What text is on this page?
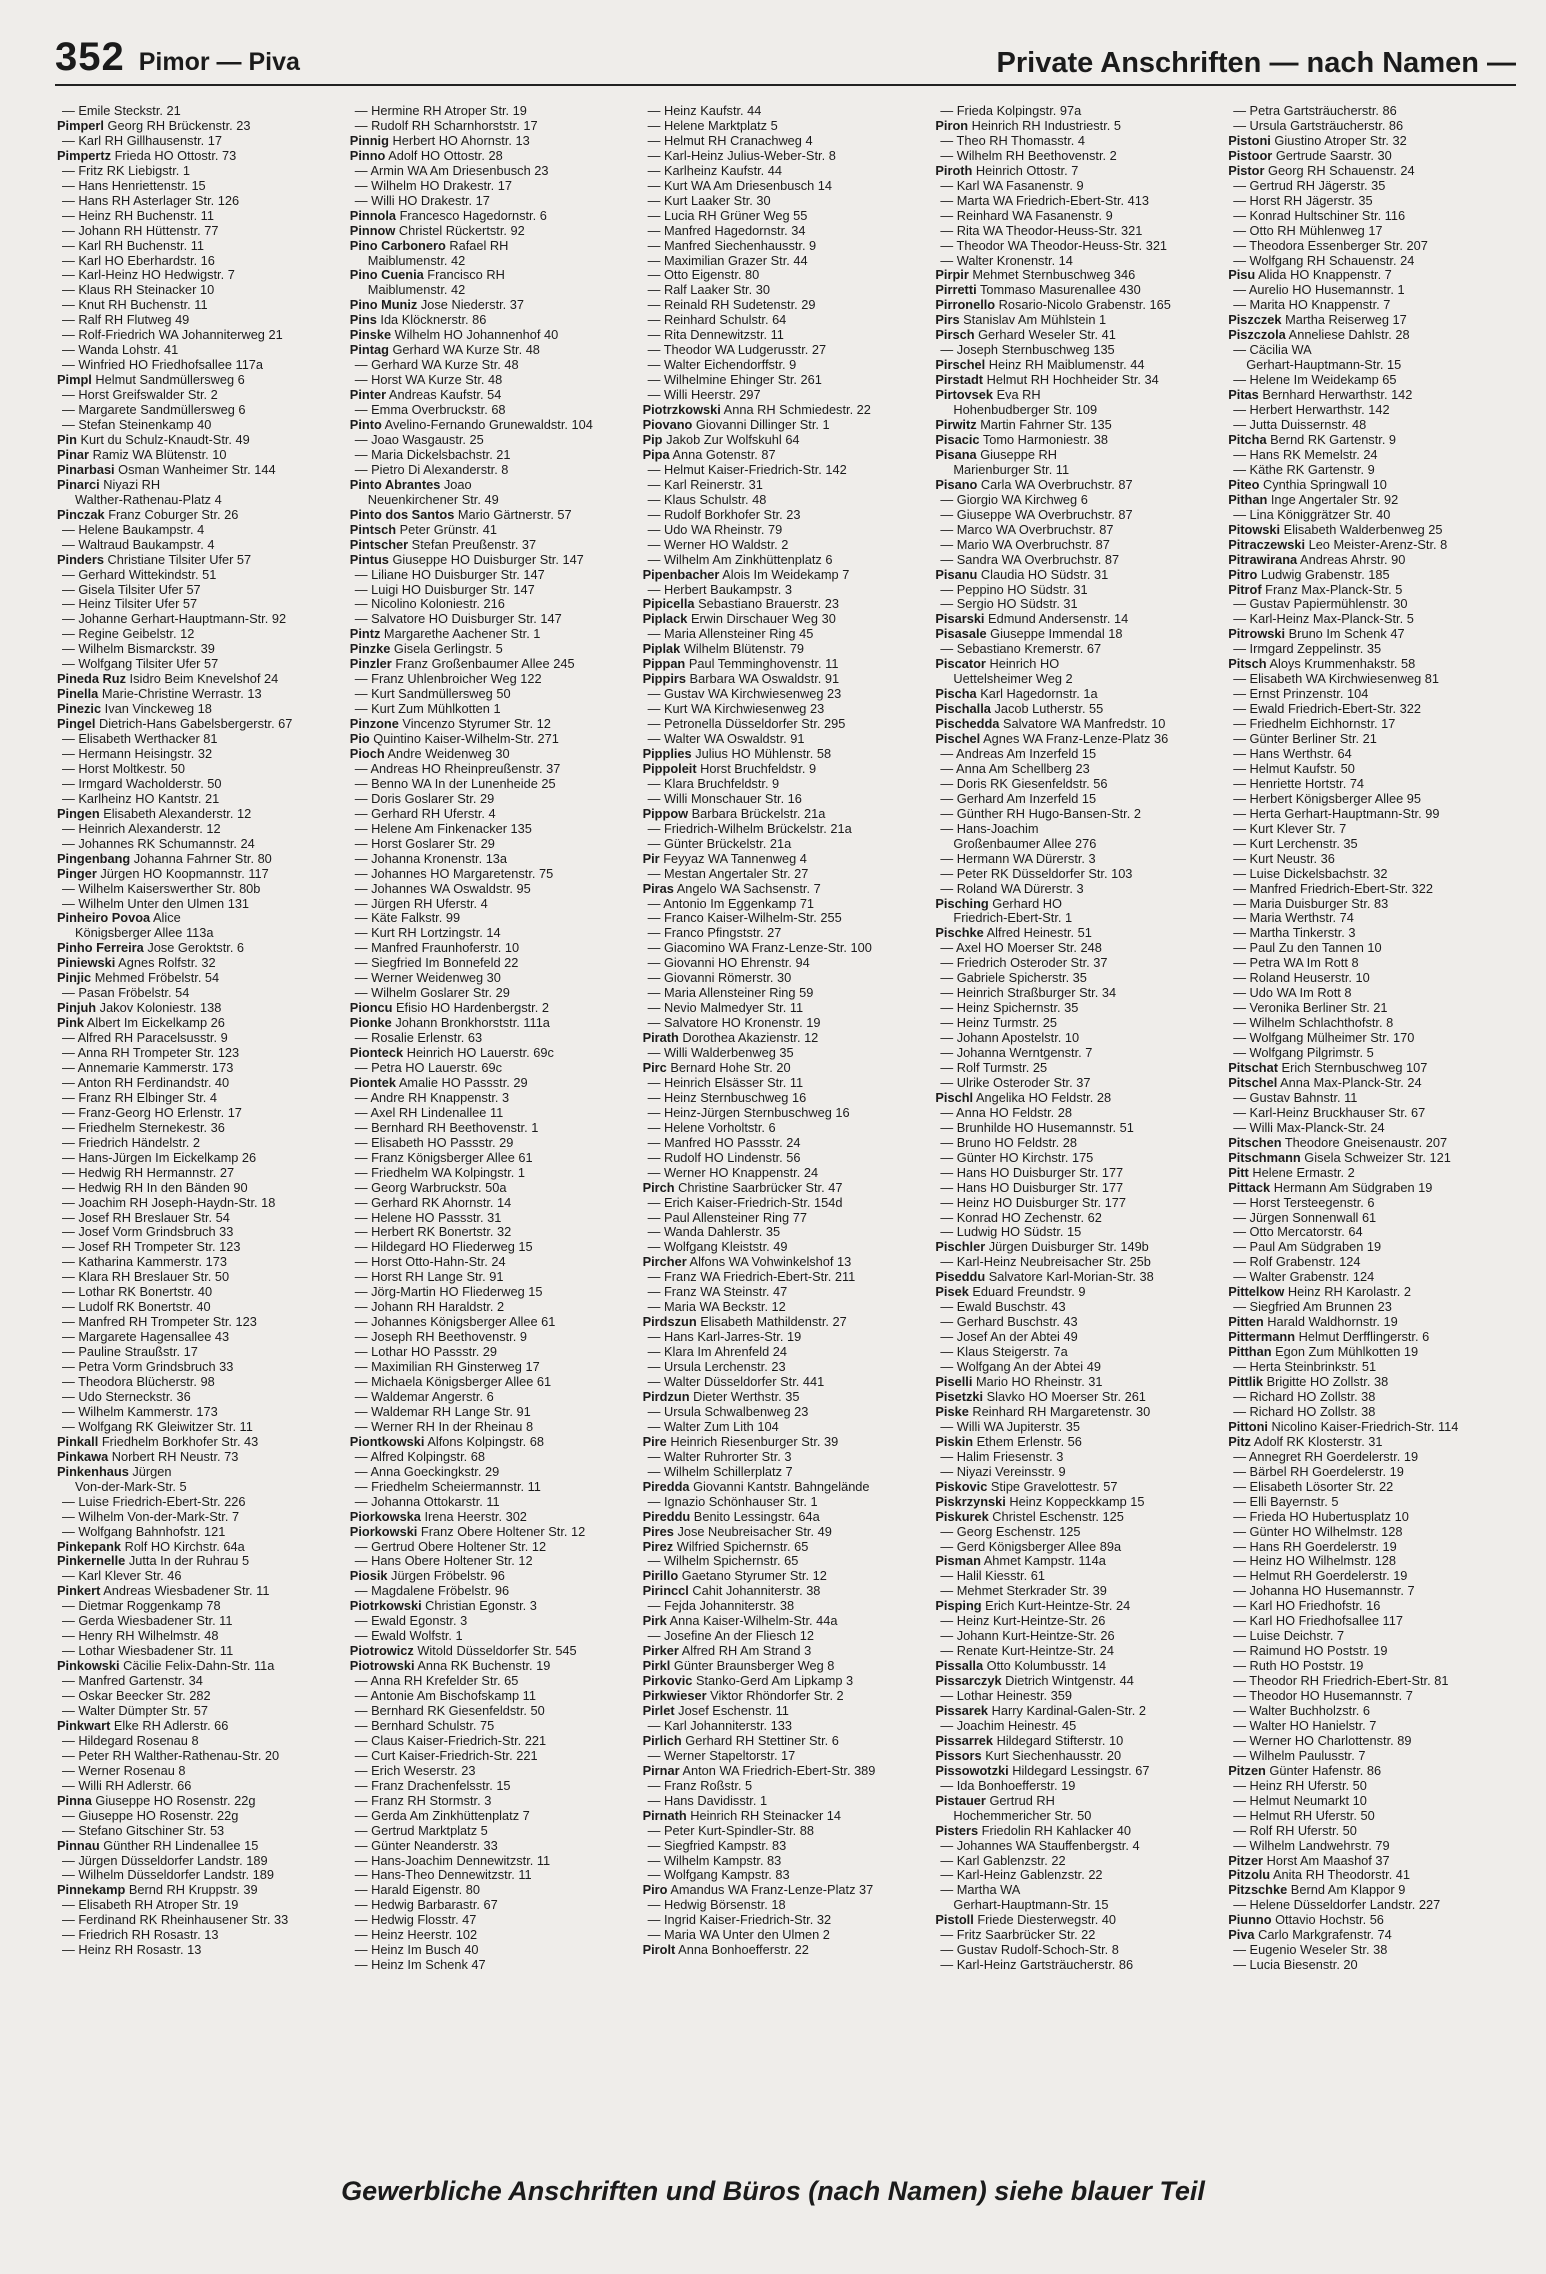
352 Pimor — Piva	Private Anschriften — nach Namen —
— Emile Steckstr. 21
Pimperl Georg RH Brückenstr. 23
— Karl RH Gillhausenstr. 17
Pimpertz Frieda HO Ottostr. 73
— Fritz RK Liebigstr. 1
— Hans Henriettenstr. 15
— Hans RH Asterlager Str. 126
— Heinz RH Buchenstr. 11
— Johann RH Hüttenstr. 77
— Karl RH Buchenstr. 11
— Karl HO Eberhardstr. 16
— Karl-Heinz HO Hedwigstr. 7
— Klaus RH Steinacker 10
— Knut RH Buchenstr. 11
— Ralf RH Flutweg 49
— Rolf-Friedrich WA Johanniterweg 21
— Wanda Lohstr. 41
— Winfried HO Friedhofsallee 117a
Pimpl Helmut Sandmüllersweg 6
— Horst Greifswalder Str. 2
— Margarete Sandmüllersweg 6
— Stefan Steinenkamp 40
Pin Kurt du Schulz-Knaudt-Str. 49
Pinar Ramiz WA Blütenstr. 10
Pinarbasi Osman Wanheimer Str. 144
Pinarci Niyazi RH
Walther-Rathenau-Platz 4
Pinczak Franz Coburger Str. 26
— Helene Baukampstr. 4
— Waltraud Baukampstr. 4
Pinders Christiane Tilsiter Ufer 57
— Gerhard Wittekindstr. 51
— Gisela Tilsiter Ufer 57
— Heinz Tilsiter Ufer 57
— Johanne Gerhart-Hauptmann-Str. 92
— Regine Geibelstr. 12
— Wilhelm Bismarckstr. 39
— Wolfgang Tilsiter Ufer 57
Pineda Ruz Isidro Beim Knevelshof 24
Pinella Marie-Christine Werrastr. 13
Pinezic Ivan Vinckeweg 18
Pingel Dietrich-Hans Gabelsbergerstr. 67
— Elisabeth Werthacker 81
— Hermann Heisingstr. 32
— Horst Moltkestr. 50
— Irmgard Wacholderstr. 50
— Karlheinz HO Kantstr. 21
Pingen Elisabeth Alexanderstr. 12
— Heinrich Alexanderstr. 12
— Johannes RK Schumannstr. 24
Pingenbang Johanna Fahrner Str. 80
Pinger Jürgen HO Koopmannstr. 117
— Wilhelm Kaiserswerther Str. 80b
— Wilhelm Unter den Ulmen 131
Pinheiro Povoa Alice
Königsberger Allee 113a
Pinho Ferreira Jose Geroktstr. 6
Piniewski Agnes Rolfstr. 32
Pinjic Mehmed Fröbelstr. 54
— Pasan Fröbelstr. 54
Pinjuh Jakov Koloniestr. 138
Pink Albert Im Eickelkamp 26
— Alfred RH Paracelsusstr. 9
— Anna RH Trompeter Str. 123
— Annemarie Kammerstr. 173
— Anton RH Ferdinandstr. 40
— Franz RH Elbinger Str. 4
— Franz-Georg HO Erlenstr. 17
— Friedhelm Sternekestr. 36
— Friedrich Händelstr. 2
— Hans-Jürgen Im Eickelkamp 26
— Hedwig RH Hermannstr. 27
— Hedwig RH In den Bänden 90
— Joachim RH Joseph-Haydn-Str. 18
— Josef RH Breslauer Str. 54
— Josef Vorm Grindsbruch 33
— Josef RH Trompeter Str. 123
— Katharina Kammerstr. 173
— Klara RH Breslauer Str. 50
— Lothar RK Bonertstr. 40
— Ludolf RK Bonertstr. 40
— Manfred RH Trompeter Str. 123
— Margarete Hagensallee 43
— Pauline Straußstr. 17
— Petra Vorm Grindsbruch 33
— Theodora Blücherstr. 98
— Udo Sterneckstr. 36
— Wilhelm Kammerstr. 173
— Wolfgang RK Gleiwitzer Str. 11
Pinkall Friedhelm Borkhofer Str. 43
Pinkawa Norbert RH Neustr. 73
Pinkenhaus Jürgen
Von-der-Mark-Str. 5
— Luise Friedrich-Ebert-Str. 226
— Wilhelm Von-der-Mark-Str. 7
— Wolfgang Bahnhofstr. 121
Pinkepank Rolf HO Kirchstr. 64a
Pinkernelle Jutta In der Ruhrau 5
— Karl Klever Str. 46
Pinkert Andreas Wiesbadener Str. 11
— Dietmar Roggenkamp 78
— Gerda Wiesbadener Str. 11
— Henry RH Wilhelmstr. 48
— Lothar Wiesbadener Str. 11
Pinkowski Cäcilie Felix-Dahn-Str. 11a
— Manfred Gartenstr. 34
— Oskar Beecker Str. 282
— Walter Dümpter Str. 57
Pinkwart Elke RH Adlerstr. 66
— Hildegard Rosenau 8
— Peter RH Walther-Rathenau-Str. 20
— Werner Rosenau 8
— Willi RH Adlerstr. 66
Pinna Giuseppe HO Rosenstr. 22g
— Giuseppe HO Rosenstr. 22g
— Stefano Gitschiner Str. 53
Pinnau Günther RH Lindenallee 15
— Jürgen Düsseldorfer Landstr. 189
— Wilhelm Düsseldorfer Landstr. 189
Pinnekamp Bernd RH Kruppstr. 39
— Elisabeth RH Atroper Str. 19
— Ferdinand RK Rheinhausener Str. 33
— Friedrich RH Rosastr. 13
— Heinz RH Rosastr. 13
— Hermine RH Atroper Str. 19
— Rudolf RH Scharnhorststr. 17
Pinnig Herbert HO Ahornstr. 13
Pinno Adolf HO Ottostr. 28
— Armin WA Am Driesenbusch 23
— Wilhelm HO Drakestr. 17
— Willi HO Drakestr. 17
Pinnola Francesco Hagedornstr. 6
Pinnow Christel Rückertstr. 92
Pino Carbonero Rafael RH
Maiblumenstr. 42
Pino Cuenia Francisco RH
Maiblumenstr. 42
Pino Muniz Jose Niederstr. 37
Pins Ida Klöcknerstr. 86
Pinske Wilhelm HO Johannenhof 40
Pintag Gerhard WA Kurze Str. 48
— Gerhard WA Kurze Str. 48
— Horst WA Kurze Str. 48
Pinter Andreas Kaufstr. 54
— Emma Overbruckstr. 68
Pinto Avelino-Fernando Grunewaldstr. 104
— Joao Wasgaustr. 25
— Maria Dickelsbachstr. 21
— Pietro Di Alexanderstr. 8
Pinto Abrantes Joao
Neuenkirchener Str. 49
Pinto dos Santos Mario Gärtnerstr. 57
Pintsch Peter Grünstr. 41
Pintscher Stefan Preußenstr. 37
Pintus Giuseppe HO Duisburger Str. 147
— Liliane HO Duisburger Str. 147
— Luigi HO Duisburger Str. 147
— Nicolino Koloniestr. 216
— Salvatore HO Duisburger Str. 147
Pintz Margarethe Aachener Str. 1
Pinzke Gisela Gerlingstr. 5
Pinzler Franz Großenbaumer Allee 245
— Franz Uhlenbroicher Weg 122
— Kurt Sandmüllersweg 50
— Kurt Zum Mühlkotten 1
Pinzone Vincenzo Styrumer Str. 12
Pio Quintino Kaiser-Wilhelm-Str. 271
Pioch Andre Weidenweg 30
— Andreas HO Rheinpreußenstr. 37
— Benno WA In der Lunenheide 25
— Doris Goslarer Str. 29
— Gerhard RH Uferstr. 4
— Helene Am Finkenacker 135
— Horst Goslarer Str. 29
— Johanna Kronenstr. 13a
— Johannes HO Margaretenstr. 75
— Johannes WA Oswaldstr. 95
— Jürgen RH Uferstr. 4
— Käte Falkstr. 99
— Kurt RH Lortzingstr. 14
— Manfred Fraunhoferstr. 10
— Siegfried Im Bonnefeld 22
— Werner Weidenweg 30
— Wilhelm Goslarer Str. 29
Pioncu Efisio HO Hardenbergstr. 2
Pionke Johann Bronkhorststr. 111a
— Rosalie Erlenstr. 63
Pionteck Heinrich HO Lauerstr. 69c
— Petra HO Lauerstr. 69c
Piontek Amalie HO Passstr. 29
— Andre RH Knappenstr. 3
— Axel RH Lindenallee 11
— Bernhard RH Beethovenstr. 1
— Elisabeth HO Passstr. 29
— Franz Königsberger Allee 61
— Friedhelm WA Kolpingstr. 1
— Georg Warbruckstr. 50a
— Gerhard RK Ahornstr. 14
— Helene HO Passstr. 31
— Herbert RK Bonertstr. 32
— Hildegard HO Fliederweg 15
— Horst Otto-Hahn-Str. 24
— Horst RH Lange Str. 91
— Jörg-Martin HO Fliederweg 15
— Johann RH Haraldstr. 2
— Johannes Königsberger Allee 61
— Joseph RH Beethovenstr. 9
— Lothar HO Passstr. 29
— Maximilian RH Ginsterweg 17
— Michaela Königsberger Allee 61
— Waldemar Angerstr. 6
— Waldemar RH Lange Str. 91
— Werner RH In der Rheinau 8
Piontkowski Alfons Kolpingstr. 68
— Alfred Kolpingstr. 68
— Anna Goeckingkstr. 29
— Friedhelm Scheiermannstr. 11
— Johanna Ottokarstr. 11
Piorkowska Irena Heerstr. 302
Piorkowski Franz Obere Holtener Str. 12
— Gertrud Obere Holtener Str. 12
— Hans Obere Holtener Str. 12
Piosik Jürgen Fröbelstr. 96
— Magdalene Fröbelstr. 96
Piotrkowski Christian Egonstr. 3
— Ewald Egonstr. 3
— Ewald Wolfstr. 1
Piotrowicz Witold Düsseldorfer Str. 545
Piotrowski Anna RK Buchenstr. 19
— Anna RH Krefelder Str. 65
— Antonie Am Bischofskamp 11
— Bernhard RK Giesenfeldstr. 50
— Bernhard Schulstr. 75
— Claus Kaiser-Friedrich-Str. 221
— Curt Kaiser-Friedrich-Str. 221
— Erich Weserstr. 23
— Franz Drachenfelsstr. 15
— Franz RH Stormstr. 3
— Gerda Am Zinkhüttenplatz 7
— Gertrud Marktplatz 5
— Günter Neanderstr. 33
— Hans-Joachim Dennewitzstr. 11
— Hans-Theo Dennewitzstr. 11
— Harald Eigenstr. 80
— Hedwig Barbarastr. 67
— Hedwig Flosstr. 47
— Heinz Heerstr. 102
— Heinz Im Busch 40
— Heinz Im Schenk 47
— Heinz Kaufstr. 44
— Helene Marktplatz 5
— Helmut RH Cranachweg 4
— Karl-Heinz Julius-Weber-Str. 8
— Karlheinz Kaufstr. 44
— Kurt WA Am Driesenbusch 14
— Kurt Laaker Str. 30
— Lucia RH Grüner Weg 55
— Manfred Hagedornstr. 34
— Manfred Siechenhausstr. 9
— Maximilian Grazer Str. 44
— Otto Eigenstr. 80
— Ralf Laaker Str. 30
— Reinald RH Sudetenstr. 29
— Reinhard Schulstr. 64
— Rita Dennewitzstr. 11
— Theodor WA Ludgerusstr. 27
— Walter Eichendorffstr. 9
— Wilhelmine Ehinger Str. 261
— Willi Heerstr. 297
Piotrzkowski Anna RH Schmiedestr. 22
Piovano Giovanni Dillinger Str. 1
Pip Jakob Zur Wolfskuhl 64
Pipa Anna Gotenstr. 87
— Helmut Kaiser-Friedrich-Str. 142
— Karl Reinerstr. 31
— Klaus Schulstr. 48
— Rudolf Borkhofer Str. 23
— Udo WA Rheinstr. 79
— Werner HO Waldstr. 2
— Wilhelm Am Zinkhüttenplatz 6
Pipenbacher Alois Im Weidekamp 7
— Herbert Baukampstr. 3
Pipicella Sebastiano Brauerstr. 23
Piplack Erwin Dirschauer Weg 30
— Maria Allensteiner Ring 45
Piplak Wilhelm Blütenstr. 79
Pippan Paul Temminghovenstr. 11
Pippirs Barbara WA Oswaldstr. 91
— Gustav WA Kirchwiesenweg 23
— Kurt WA Kirchwiesenweg 23
— Petronella Düsseldorfer Str. 295
— Walter WA Oswaldstr. 91
Pipplies Julius HO Mühlenstr. 58
Pippoleit Horst Bruchfeldstr. 9
— Klara Bruchfeldstr. 9
— Willi Monschauer Str. 16
Pippow Barbara Brückelstr. 21a
— Friedrich-Wilhelm Brückelstr. 21a
— Günter Brückelstr. 21a
Pir Feyyaz WA Tannenweg 4
— Mestan Angertaler Str. 27
Piras Angelo WA Sachsenstr. 7
— Antonio Im Eggenkamp 71
— Franco Kaiser-Wilhelm-Str. 255
— Franco Pfingststr. 27
— Giacomino WA Franz-Lenze-Str. 100
— Giovanni HO Ehrenstr. 94
— Giovanni Römerstr. 30
— Maria Allensteiner Ring 59
— Nevio Malmedyer Str. 11
— Salvatore HO Kronenstr. 19
Pirath Dorothea Akazienstr. 12
— Willi Walderbenweg 35
Pirc Bernard Hohe Str. 20
— Heinrich Elsässer Str. 11
— Heinz Sternbuschweg 16
— Heinz-Jürgen Sternbuschweg 16
— Helene Vorholtstr. 6
— Manfred HO Passstr. 24
— Rudolf HO Lindenstr. 56
— Werner HO Knappenstr. 24
Pirch Christine Saarbrücker Str. 47
— Erich Kaiser-Friedrich-Str. 154d
— Paul Allensteiner Ring 77
— Wanda Dahlerstr. 35
— Wolfgang Kleiststr. 49
Pircher Alfons WA Vohwinkelshof 13
— Franz WA Friedrich-Ebert-Str. 211
— Franz WA Steinstr. 47
— Maria WA Beckstr. 12
Pirdszun Elisabeth Mathildenstr. 27
— Hans Karl-Jarres-Str. 19
— Klara Im Ahrenfeld 24
— Ursula Lerchenstr. 23
— Walter Düsseldorfer Str. 441
Pirdzun Dieter Werthstr. 35
— Ursula Schwalbenweg 23
— Walter Zum Lith 104
Pire Heinrich Riesenburger Str. 39
— Walter Ruhrorter Str. 3
— Wilhelm Schillerplatz 7
Piredda Giovanni Kantstr. Bahngelände
— Ignazio Schönhauser Str. 1
Pireddu Benito Lessingstr. 64a
Pires Jose Neubreisacher Str. 49
Pirez Wilfried Spichernstr. 65
— Wilhelm Spichernstr. 65
Pirillo Gaetano Styrumer Str. 12
Pirinccl Cahit Johanniterstr. 38
— Fejda Johanniterstr. 38
Pirk Anna Kaiser-Wilhelm-Str. 44a
— Josefine An der Fliesch 12
Pirker Alfred RH Am Strand 3
Pirkl Günter Braunsberger Weg 8
Pirkovic Stanko-Gerd Am Lipkamp 3
Pirkwieser Viktor Rhöndorfer Str. 2
Pirlet Josef Eschenstr. 11
— Karl Johanniterstr. 133
Pirlich Gerhard RH Stettiner Str. 6
— Werner Stapeltorstr. 17
Pirnar Anton WA Friedrich-Ebert-Str. 389
— Franz Roßstr. 5
— Hans Davidisstr. 1
Pirnath Heinrich RH Steinacker 14
— Peter Kurt-Spindler-Str. 88
— Siegfried Kampstr. 83
— Wilhelm Kampstr. 83
— Wolfgang Kampstr. 83
Piro Amandus WA Franz-Lenze-Platz 37
— Hedwig Börsenstr. 18
— Ingrid Kaiser-Friedrich-Str. 32
— Maria WA Unter den Ulmen 2
Pirolt Anna Bonhoefferstr. 22
— Frieda Kolpingstr. 97a
Piron Heinrich RH Industriestr. 5
— Theo RH Thomasstr. 4
— Wilhelm RH Beethovenstr. 2
Piroth Heinrich Ottostr. 7
— Karl WA Fasanenstr. 9
— Marta WA Friedrich-Ebert-Str. 413
— Reinhard WA Fasanenstr. 9
— Rita WA Theodor-Heuss-Str. 321
— Theodor WA Theodor-Heuss-Str. 321
— Walter Kronenstr. 14
Pirpir Mehmet Sternbuschweg 346
Pirretti Tommaso Masurenallee 430
Pirronello Rosario-Nicolo Grabenstr. 165
Pirs Stanislav Am Mühlstein 1
Pirsch Gerhard Weseler Str. 41
— Joseph Sternbuschweg 135
Pirschel Heinz RH Maiblumenstr. 44
Pirstadt Helmut RH Hochheider Str. 34
Pirtovsek Eva RH
Hohenbudberger Str. 109
Pirwitz Martin Fahrner Str. 135
Pisacic Tomo Harmoniestr. 38
Pisana Giuseppe RH
Marienburger Str. 11
Pisano Carla WA Overbruchstr. 87
— Giorgio WA Kirchweg 6
— Giuseppe WA Overbruchstr. 87
— Marco WA Overbruchstr. 87
— Mario WA Overbruchstr. 87
— Sandra WA Overbruchstr. 87
Pisanu Claudia HO Südstr. 31
— Peppino HO Südstr. 31
— Sergio HO Südstr. 31
Pisarski Edmund Andersenstr. 14
Pisasale Giuseppe Immendal 18
— Sebastiano Kremerstr. 67
Piscator Heinrich HO
Uettelsheimer Weg 2
Pischa Karl Hagedornstr. 1a
Pischalla Jacob Lutherstr. 55
Pischedda Salvatore WA Manfredstr. 10
Pischel Agnes WA Franz-Lenze-Platz 36
— Andreas Am Inzerfeld 15
— Anna Am Schellberg 23
— Doris RK Giesenfeldstr. 56
— Gerhard Am Inzerfeld 15
— Günther RH Hugo-Bansen-Str. 2
— Hans-Joachim
Großenbaumer Allee 276
— Hermann WA Dürerstr. 3
— Peter RK Düsseldorfer Str. 103
— Roland WA Dürerstr. 3
Pisching Gerhard HO
Friedrich-Ebert-Str. 1
Pischke Alfred Heinestr. 51
— Axel HO Moerser Str. 248
— Friedrich Osteroder Str. 37
— Gabriele Spicherstr. 35
— Heinrich Straßburger Str. 34
— Heinz Spichernstr. 35
— Heinz Turmstr. 25
— Johann Apostelstr. 10
— Johanna Werntgenstr. 7
— Rolf Turmstr. 25
— Ulrike Osteroder Str. 37
Pischl Angelika HO Feldstr. 28
— Anna HO Feldstr. 28
— Brunhilde HO Husemannstr. 51
— Bruno HO Feldstr. 28
— Günter HO Kirchstr. 175
— Hans HO Duisburger Str. 177
— Hans HO Duisburger Str. 177
— Heinz HO Duisburger Str. 177
— Konrad HO Zechenstr. 62
— Ludwig HO Südstr. 15
Pischler Jürgen Duisburger Str. 149b
— Karl-Heinz Neubreisacher Str. 25b
Piseddu Salvatore Karl-Morian-Str. 38
Pisek Eduard Freundstr. 9
— Ewald Buschstr. 43
— Gerhard Buschstr. 43
— Josef An der Abtei 49
— Klaus Steigerstr. 7a
— Wolfgang An der Abtei 49
Piselli Mario HO Rheinstr. 31
Pisetzki Slavko HO Moerser Str. 261
Piske Reinhard RH Margaretenstr. 30
— Willi WA Jupiterstr. 35
Piskin Ethem Erlenstr. 56
— Halim Friesenstr. 3
— Niyazi Vereinsstr. 9
Piskovic Stipe Gravelottestr. 57
Piskrzynski Heinz Koppeckkamp 15
Piskurek Christel Eschenstr. 125
— Georg Eschenstr. 125
— Gerd Königsberger Allee 89a
Pisman Ahmet Kampstr. 114a
— Halil Kiesstr. 61
— Mehmet Sterkrader Str. 39
Pisping Erich Kurt-Heintze-Str. 24
— Heinz Kurt-Heintze-Str. 26
— Johann Kurt-Heintze-Str. 26
— Renate Kurt-Heintze-Str. 24
Pissalla Otto Kolumbusstr. 14
Pissarczyk Dietrich Wintgenstr. 44
— Lothar Heinestr. 359
Pissarek Harry Kardinal-Galen-Str. 2
— Joachim Heinestr. 45
Pissarrek Hildegard Stifterstr. 10
Pissors Kurt Siechenhausstr. 20
Pissowotzki Hildegard Lessingstr. 67
— Ida Bonhoefferstr. 19
Pistauer Gertrud RH
Hochemmericher Str. 50
Pisters Friedolin RH Kahlacker 40
— Johannes WA Stauffenbergstr. 4
— Karl Gablenzstr. 22
— Karl-Heinz Gablenzstr. 22
— Martha WA
Gerhart-Hauptmann-Str. 15
Pistoll Friede Diesterwegstr. 40
— Fritz Saarbrücker Str. 22
— Gustav Rudolf-Schoch-Str. 8
— Karl-Heinz Gartsträucherstr. 86
— Petra Gartsträucherstr. 86
— Ursula Gartsträucherstr. 86
Pistoni Giustino Atroper Str. 32
Pistoor Gertrude Saarstr. 30
Pistor Georg RH Schauenstr. 24
— Gertrud RH Jägerstr. 35
— Horst RH Jägerstr. 35
— Konrad Hultschiner Str. 116
— Otto RH Mühlenweg 17
— Theodora Essenberger Str. 207
— Wolfgang RH Schauenstr. 24
Pisu Alida HO Knappenstr. 7
— Aurelio HO Husemannstr. 1
— Marita HO Knappenstr. 7
Piszczek Martha Reiserweg 17
Piszczola Anneliese Dahlstr. 28
— Cäcilia WA
Gerhart-Hauptmann-Str. 15
— Helene Im Weidekamp 65
Pitas Bernhard Herwarthstr. 142
— Herbert Herwarthstr. 142
— Jutta Duissernstr. 48
Pitcha Bernd RK Gartenstr. 9
— Hans RK Memelstr. 24
— Käthe RK Gartenstr. 9
Piteo Cynthia Springwall 10
Pithan Inge Angertaler Str. 92
— Lina Königgrätzer Str. 40
Pitowski Elisabeth Walderbenweg 25
Pitraczewski Leo Meister-Arenz-Str. 8
Pitrawirana Andreas Ahrstr. 90
Pitro Ludwig Grabenstr. 185
Pitrof Franz Max-Planck-Str. 5
— Gustav Papiermühlenstr. 30
— Karl-Heinz Max-Planck-Str. 5
Pitrowski Bruno Im Schenk 47
— Irmgard Zeppelinstr. 35
Pitsch Aloys Krummenhakstr. 58
— Elisabeth WA Kirchwiesenweg 81
— Ernst Prinzenstr. 104
— Ewald Friedrich-Ebert-Str. 322
— Friedhelm Eichhornstr. 17
— Günter Berliner Str. 21
— Hans Werthstr. 64
— Helmut Kaufstr. 50
— Henriette Hortstr. 74
— Herbert Königsberger Allee 95
— Herta Gerhart-Hauptmann-Str. 99
— Kurt Klever Str. 7
— Kurt Lerchenstr. 35
— Kurt Neustr. 36
— Luise Dickelsbachstr. 32
— Manfred Friedrich-Ebert-Str. 322
— Maria Duisburger Str. 83
— Maria Werthstr. 74
— Martha Tinkerstr. 3
— Paul Zu den Tannen 10
— Petra WA Im Rott 8
— Roland Heuserstr. 10
— Udo WA Im Rott 8
— Veronika Berliner Str. 21
— Wilhelm Schlachthofstr. 8
— Wolfgang Mülheimer Str. 170
— Wolfgang Pilgrimstr. 5
Pitschat Erich Sternbuschweg 107
Pitschel Anna Max-Planck-Str. 24
— Gustav Bahnstr. 11
— Karl-Heinz Bruckhauser Str. 67
— Willi Max-Planck-Str. 24
Pitschen Theodore Gneisenaustr. 207
Pitschmann Gisela Schweizer Str. 121
Pitt Helene Ermastr. 2
Pittack Hermann Am Südgraben 19
— Horst Tersteegenstr. 6
— Jürgen Sonnenwall 61
— Otto Mercatorstr. 64
— Paul Am Südgraben 19
— Rolf Grabenstr. 124
— Walter Grabenstr. 124
Pittelkow Heinz RH Karolastr. 2
— Siegfried Am Brunnen 23
Pitten Harald Waldhornstr. 19
Pittermann Helmut Derfflingerstr. 6
Pitthan Egon Zum Mühlkotten 19
— Herta Steinbrinkstr. 51
Pittlik Brigitte HO Zollstr. 38
— Richard HO Zollstr. 38
— Richard HO Zollstr. 38
Pittoni Nicolino Kaiser-Friedrich-Str. 114
Pitz Adolf RK Klosterstr. 31
— Annegret RH Goerdelerstr. 19
— Bärbel RH Goerdelerstr. 19
— Elisabeth Lösorter Str. 22
— Elli Bayernstr. 5
— Frieda HO Hubertusplatz 10
— Günter HO Wilhelmstr. 128
— Hans RH Goerdelerstr. 19
— Heinz HO Wilhelmstr. 128
— Helmut RH Goerdelerstr. 19
— Johanna HO Husemannstr. 7
— Karl HO Friedhofstr. 16
— Karl HO Friedhofsallee 117
— Luise Deichstr. 7
— Raimund HO Poststr. 19
— Ruth HO Poststr. 19
— Theodor RH Friedrich-Ebert-Str. 81
— Theodor HO Husemannstr. 7
— Walter Buchholzstr. 6
— Walter HO Hanielstr. 7
— Werner HO Charlottenstr. 89
— Wilhelm Paulusstr. 7
Pitzen Günter Hafenstr. 86
— Heinz RH Uferstr. 50
— Helmut Neumarkt 10
— Helmut RH Uferstr. 50
— Rolf RH Uferstr. 50
— Wilhelm Landwehrstr. 79
Pitzer Horst Am Maashof 37
Pitzolu Anita RH Theodorstr. 41
Pitzschke Bernd Am Klappor 9
— Helene Düsseldorfer Landstr. 227
Piunno Ottavio Hochstr. 56
Piva Carlo Markgrafenstr. 74
— Eugenio Weseler Str. 38
— Lucia Biesenstr. 20
Gewerbliche Anschriften und Büros (nach Namen) siehe blauer Teil
